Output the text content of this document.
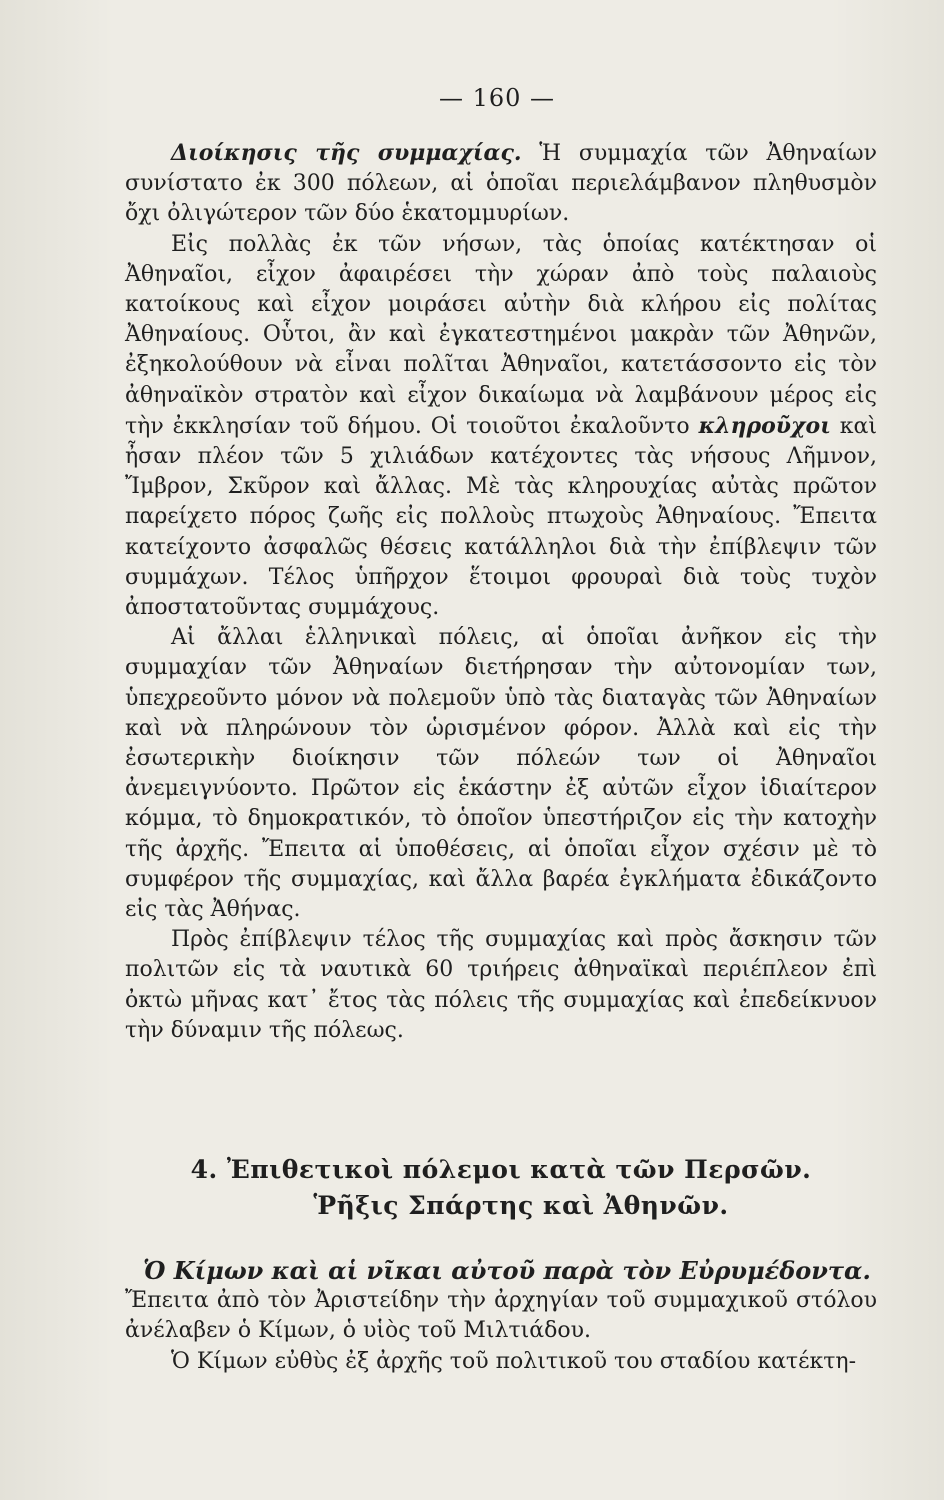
— 160 —

Διοίκησις τῆς συμμαχίας. Ἡ συμμαχία τῶν Ἀθηναίων συνίστατο ἐκ 300 πόλεων, αἱ ὁποῖαι περιελάμβανον πληθυσμὸν ὄχι ὀλιγώτερον τῶν δύο ἑκατομμυρίων.

Εἰς πολλὰς ἐκ τῶν νήσων, τὰς ὁποίας κατέκτησαν οἱ Ἀθηναῖοι, εἶχον ἀφαιρέσει τὴν χώραν ἀπὸ τοὺς παλαιοὺς κατοίκους καὶ εἶχον μοιράσει αὐτὴν διὰ κλήρου εἰς πολίτας Ἀθηναίους. Οὗτοι, ἂν καὶ ἐγκατεστημένοι μακρὰν τῶν Ἀθηνῶν, ἐξηκολούθουν νὰ εἶναι πολῖται Ἀθηναῖοι, κατετάσσοντο εἰς τὸν ἀθηναϊκὸν στρατὸν καὶ εἶχον δικαίωμα νὰ λαμβάνουν μέρος εἰς τὴν ἐκκλησίαν τοῦ δήμου. Οἱ τοιοῦτοι ἐκαλοῦντο κληροῦχοι καὶ ἦσαν πλέον τῶν 5 χιλιάδων κατέχοντες τὰς νήσους Λῆμνον, Ἴμβρον, Σκῦρον καὶ ἄλλας. Μὲ τὰς κληρουχίας αὐτὰς πρῶτον παρείχετο πόρος ζωῆς εἰς πολλοὺς πτωχοὺς Ἀθηναίους. Ἔπειτα κατείχοντο ἀσφαλῶς θέσεις κατάλληλοι διὰ τὴν ἐπίβλεψιν τῶν συμμάχων. Τέλος ὑπῆρχον ἕτοιμοι φρουραὶ διὰ τοὺς τυχὸν ἀποστατοῦντας συμμάχους.

Αἱ ἄλλαι ἑλληνικαὶ πόλεις, αἱ ὁποῖαι ἀνῆκον εἰς τὴν συμμαχίαν τῶν Ἀθηναίων διετήρησαν τὴν αὐτονομίαν των, ὑπεχρεοῦντο μόνον νὰ πολεμοῦν ὑπὸ τὰς διαταγὰς τῶν Ἀθηναίων καὶ νὰ πληρώνουν τὸν ὡρισμένον φόρον. Ἀλλὰ καὶ εἰς τὴν ἐσωτερικὴν διοίκησιν τῶν πόλεών των οἱ Ἀθηναῖοι ἀνεμειγνύοντο. Πρῶτον εἰς ἑκάστην ἐξ αὐτῶν εἶχον ἰδιαίτερον κόμμα, τὸ δημοκρατικόν, τὸ ὁποῖον ὑπεστήριζον εἰς τὴν κατοχὴν τῆς ἀρχῆς. Ἔπειτα αἱ ὑποθέσεις, αἱ ὁποῖαι εἶχον σχέσιν μὲ τὸ συμφέρον τῆς συμμαχίας, καὶ ἄλλα βαρέα ἐγκλήματα ἐδικάζοντο εἰς τὰς Ἀθήνας.

Πρὸς ἐπίβλεψιν τέλος τῆς συμμαχίας καὶ πρὸς ἄσκησιν τῶν πολιτῶν εἰς τὰ ναυτικὰ 60 τριήρεις ἀθηναϊκαὶ περιέπλεον ἐπὶ ὀκτὼ μῆνας κατ᾽ ἔτος τὰς πόλεις τῆς συμμαχίας καὶ ἐπεδείκνυον τὴν δύναμιν τῆς πόλεως.

4. Ἐπιθετικοὶ πόλεμοι κατὰ τῶν Περσῶν.
Ῥῆξις Σπάρτης καὶ Ἀθηνῶν.
Ὁ Κίμων καὶ αἱ νῖκαι αὐτοῦ παρὰ τὸν Εὐρυμέδοντα.

Ἔπειτα ἀπὸ τὸν Ἀριστείδην τὴν ἀρχηγίαν τοῦ συμμαχικοῦ στόλου ἀνέλαβεν ὁ Κίμων, ὁ υἱὸς τοῦ Μιλτιάδου.

Ὁ Κίμων εὐθὺς ἐξ ἀρχῆς τοῦ πολιτικοῦ του σταδίου κατέκτη-
